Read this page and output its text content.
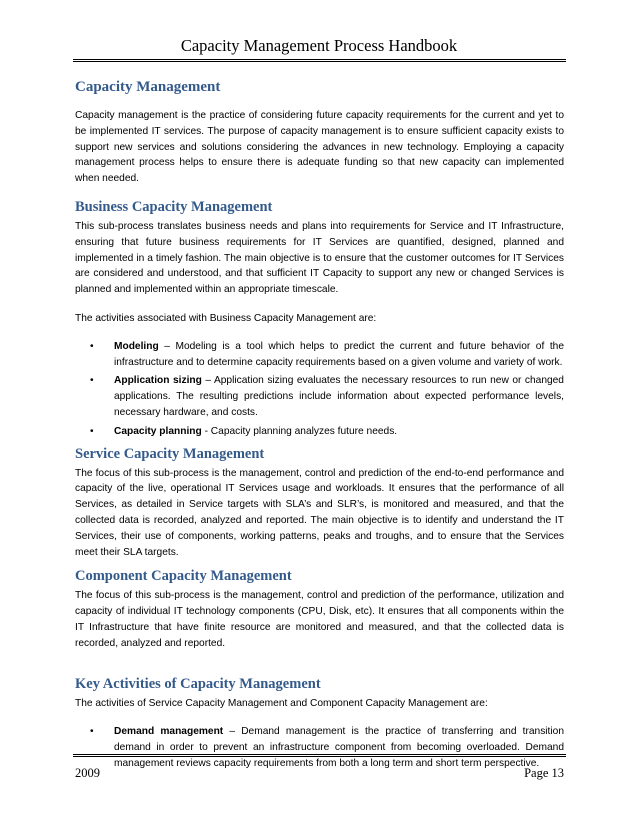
Capacity Management Process Handbook
Capacity Management

Capacity management is the practice of considering future capacity requirements for the current and yet to be implemented IT services. The purpose of capacity management is to ensure sufficient capacity exists to support new services and solutions considering the advances in new technology. Employing a capacity management process helps to ensure there is adequate funding so that new capacity can implemented when needed.

Business Capacity Management

This sub-process translates business needs and plans into requirements for Service and IT Infrastructure, ensuring that future business requirements for IT Services are quantified, designed, planned and implemented in a timely fashion. The main objective is to ensure that the customer outcomes for IT Services are considered and understood, and that sufficient IT Capacity to support any new or changed Services is planned and implemented within an appropriate timescale.

The activities associated with Business Capacity Management are:

• Modeling – Modeling is a tool which helps to predict the current and future behavior of the infrastructure and to determine capacity requirements based on a given volume and variety of work.
• Application sizing – Application sizing evaluates the necessary resources to run new or changed applications. The resulting predictions include information about expected performance levels, necessary hardware, and costs.
• Capacity planning - Capacity planning analyzes future needs.
Service Capacity Management

The focus of this sub-process is the management, control and prediction of the end-to-end performance and capacity of the live, operational IT Services usage and workloads. It ensures that the performance of all Services, as detailed in Service targets with SLA’s and SLR’s, is monitored and measured, and that the collected data is recorded, analyzed and reported. The main objective is to identify and understand the IT Services, their use of components, working patterns, peaks and troughs, and to ensure that the Services meet their SLA targets.

Component Capacity Management

The focus of this sub-process is the management, control and prediction of the performance, utilization and capacity of individual IT technology components (CPU, Disk, etc). It ensures that all components within the IT Infrastructure that have finite resource are monitored and measured, and that the collected data is recorded, analyzed and reported.

Key Activities of Capacity Management

The activities of Service Capacity Management and Component Capacity Management are:

• Demand management – Demand management is the practice of transferring and transition demand in order to prevent an infrastructure component from becoming overloaded. Demand management reviews capacity requirements from both a long term and short term perspective.
2009	Page 13
